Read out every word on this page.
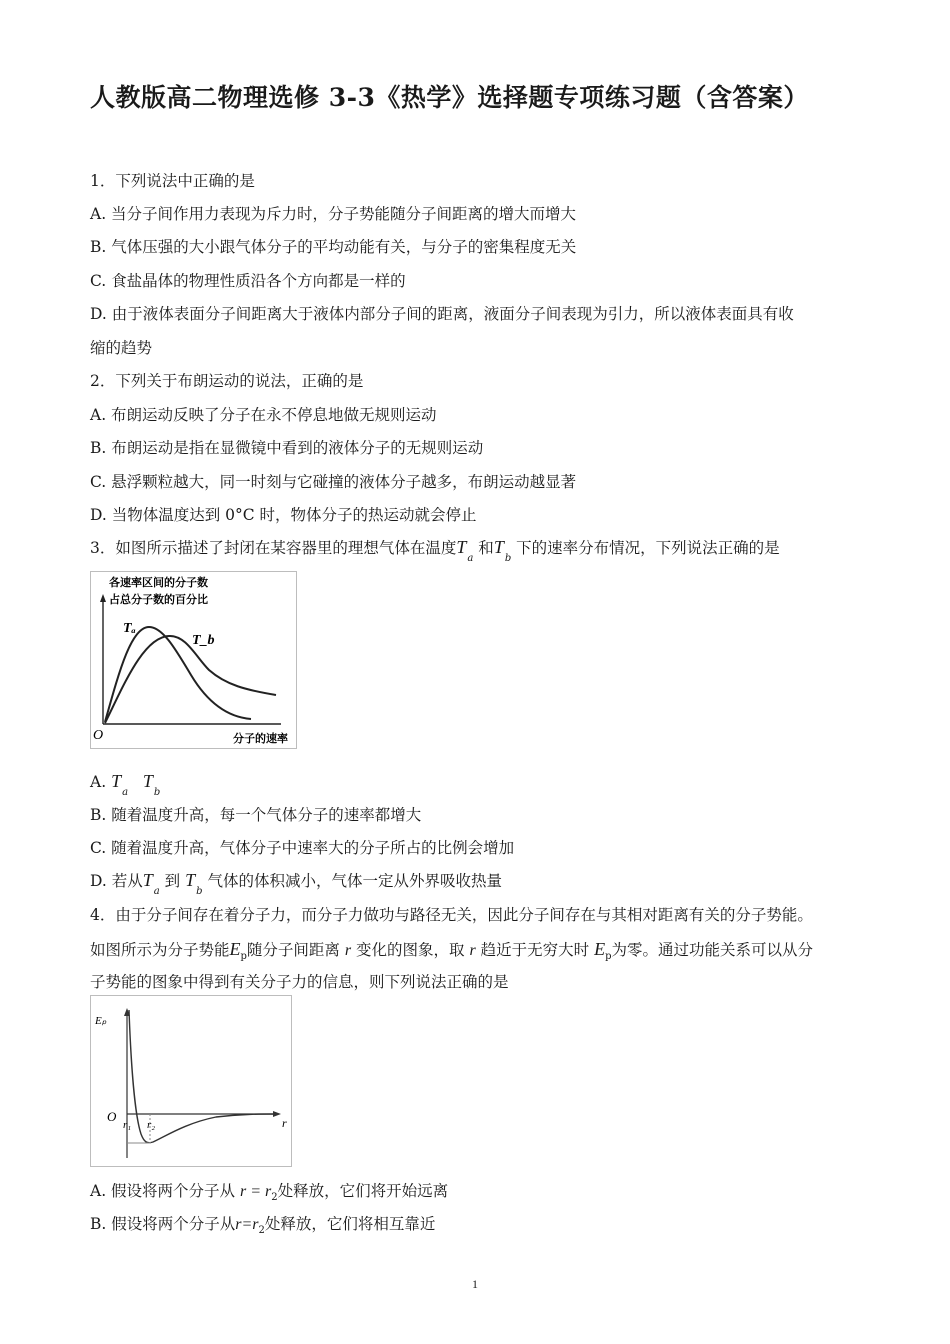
人教版高二物理选修 3-3《热学》选择题专项练习题（含答案）
1．下列说法中正确的是
A. 当分子间作用力表现为斥力时，分子势能随分子间距离的增大而增大
B. 气体压强的大小跟气体分子的平均动能有关，与分子的密集程度无关
C. 食盐晶体的物理性质沿各个方向都是一样的
D. 由于液体表面分子间距离大于液体内部分子间的距离，液面分子间表现为引力，所以液体表面具有收
缩的趋势
2．下列关于布朗运动的说法，正确的是
A. 布朗运动反映了分子在永不停息地做无规则运动
B. 布朗运动是指在显微镜中看到的液体分子的无规则运动
C. 悬浮颗粒越大，同一时刻与它碰撞的液体分子越多，布朗运动越显著
D. 当物体温度达到 0°C 时，物体分子的热运动就会停止
3．如图所示描述了封闭在某容器里的理想气体在温度$T_a$ 和$T_b$ 下的速率分布情况，下列说法正确的是
各速率区间的分子数
占总分子数的百分比
Tₐ
T_b
O	分子的速率
A. $T_a$   $T_b$
B. 随着温度升高，每一个气体分子的速率都增大
C. 随着温度升高，气体分子中速率大的分子所占的比例会增加
D. 若从$T_a$ 到 $T_b$ 气体的体积减小，气体一定从外界吸收热量
4．由于分子间存在着分子力，而分子力做功与路径无关，因此分子间存在与其相对距离有关的分子势能。
如图所示为分子势能$E_p$随分子间距离 r 变化的图象，取 r 趋近于无穷大时 $E_p$为零。通过功能关系可以从分
子势能的图象中得到有关分子力的信息，则下列说法正确的是
Eₚ
r
O
r₁ r₂
A. 假设将两个分子从 $r = r_2$处释放，它们将开始远离
B. 假设将两个分子从$r=r_2$处释放，它们将相互靠近
1
